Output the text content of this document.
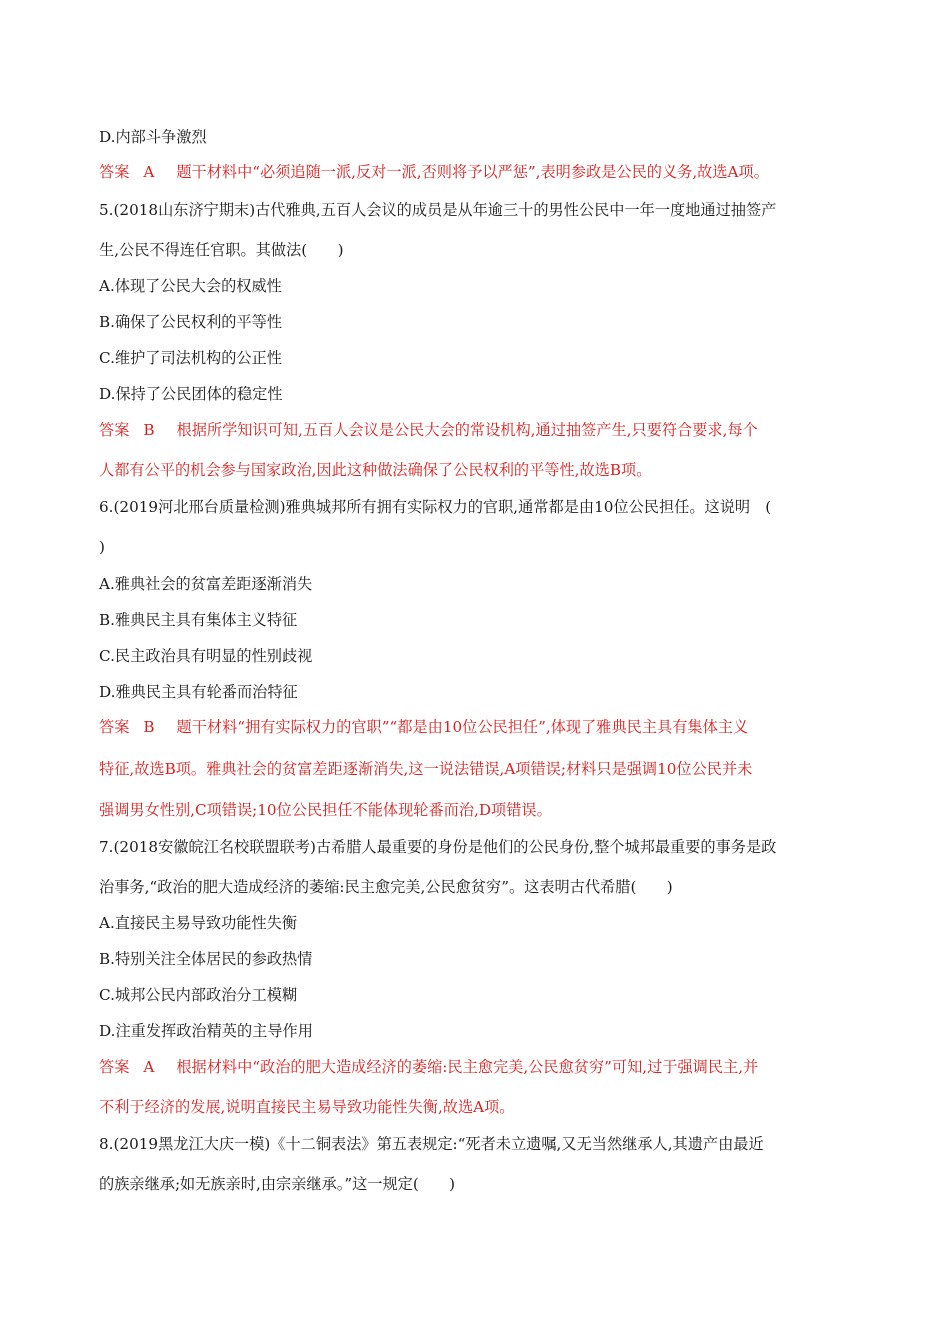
D.内部斗争激烈
答案 A 题干材料中“必须追随一派,反对一派,否则将予以严惩”,表明参政是公民的义务,故选A项。
5.(2018山东济宁期末)古代雅典,五百人会议的成员是从年逾三十的男性公民中一年一度地通过抽签产
生,公民不得连任官职。其做法(　　)
A.体现了公民大会的权威性
B.确保了公民权利的平等性
C.维护了司法机构的公正性
D.保持了公民团体的稳定性
答案 B 根据所学知识可知,五百人会议是公民大会的常设机构,通过抽签产生,只要符合要求,每个
人都有公平的机会参与国家政治,因此这种做法确保了公民权利的平等性,故选B项。
6.(2019河北邢台质量检测)雅典城邦所有拥有实际权力的官职,通常都是由10位公民担任。这说明　(
)
A.雅典社会的贫富差距逐渐消失
B.雅典民主具有集体主义特征
C.民主政治具有明显的性别歧视
D.雅典民主具有轮番而治特征
答案 B 题干材料“拥有实际权力的官职”“都是由10位公民担任”,体现了雅典民主具有集体主义
特征,故选B项。雅典社会的贫富差距逐渐消失,这一说法错误,A项错误;材料只是强调10位公民并未
强调男女性别,C项错误;10位公民担任不能体现轮番而治,D项错误。
7.(2018安徽皖江名校联盟联考)古希腊人最重要的身份是他们的公民身份,整个城邦最重要的事务是政
治事务,“政治的肥大造成经济的萎缩:民主愈完美,公民愈贫穷”。这表明古代希腊(　　)
A.直接民主易导致功能性失衡
B.特别关注全体居民的参政热情
C.城邦公民内部政治分工模糊
D.注重发挥政治精英的主导作用
答案 A 根据材料中“政治的肥大造成经济的萎缩:民主愈完美,公民愈贫穷”可知,过于强调民主,并
不利于经济的发展,说明直接民主易导致功能性失衡,故选A项。
8.(2019黑龙江大庆一模)《十二铜表法》第五表规定:“死者未立遗嘱,又无当然继承人,其遗产由最近
的族亲继承;如无族亲时,由宗亲继承。”这一规定(　　)
